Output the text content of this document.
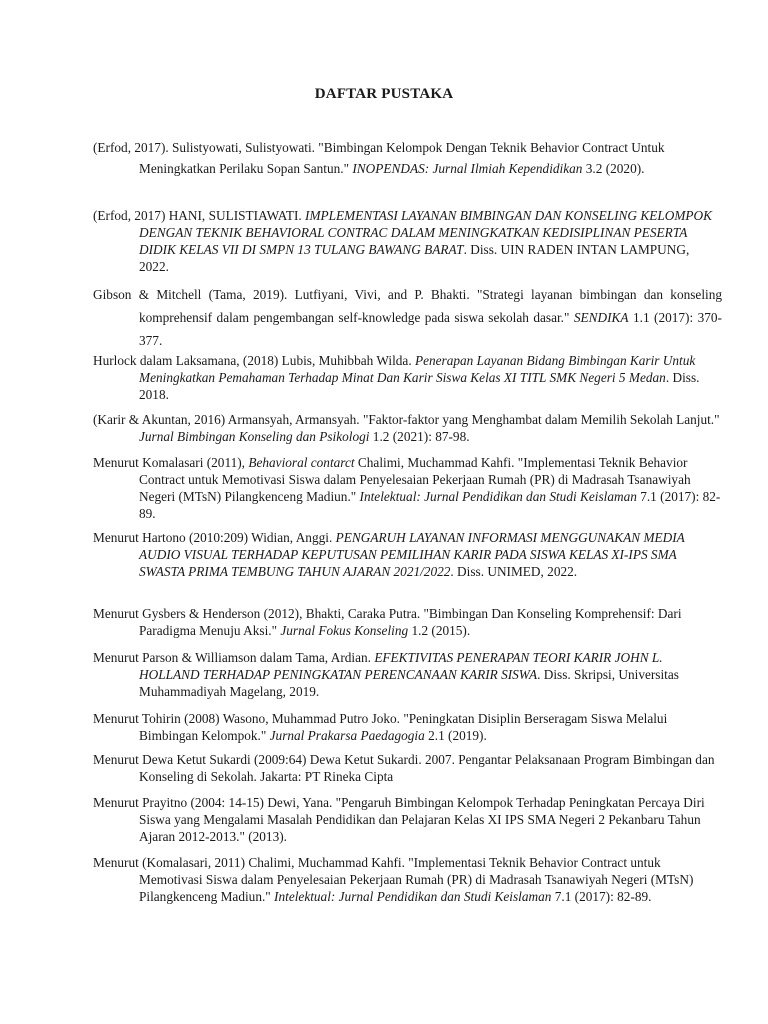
DAFTAR PUSTAKA

(Erfod, 2017). Sulistyowati, Sulistyowati. "Bimbingan Kelompok Dengan Teknik Behavior Contract Untuk Meningkatkan Perilaku Sopan Santun." INOPENDAS: Jurnal Ilmiah Kependidikan 3.2 (2020).

(Erfod, 2017) HANI, SULISTIAWATI. IMPLEMENTASI LAYANAN BIMBINGAN DAN KONSELING KELOMPOK DENGAN TEKNIK BEHAVIORAL CONTRAC DALAM MENINGKATKAN KEDISIPLINAN PESERTA DIDIK KELAS VII DI SMPN 13 TULANG BAWANG BARAT. Diss. UIN RADEN INTAN LAMPUNG, 2022.

Gibson & Mitchell (Tama, 2019). Lutfiyani, Vivi, and P. Bhakti. "Strategi layanan bimbingan dan konseling komprehensif dalam pengembangan self-knowledge pada siswa sekolah dasar." SENDIKA 1.1 (2017): 370-377.

Hurlock dalam Laksamana, (2018) Lubis, Muhibbah Wilda. Penerapan Layanan Bidang Bimbingan Karir Untuk Meningkatkan Pemahaman Terhadap Minat Dan Karir Siswa Kelas XI TITL SMK Negeri 5 Medan. Diss. 2018.

(Karir & Akuntan, 2016) Armansyah, Armansyah. "Faktor-faktor yang Menghambat dalam Memilih Sekolah Lanjut." Jurnal Bimbingan Konseling dan Psikologi 1.2 (2021): 87-98.

Menurut Komalasari (2011), Behavioral contarct Chalimi, Muchammad Kahfi. "Implementasi Teknik Behavior Contract untuk Memotivasi Siswa dalam Penyelesaian Pekerjaan Rumah (PR) di Madrasah Tsanawiyah Negeri (MTsN) Pilangkenceng Madiun." Intelektual: Jurnal Pendidikan dan Studi Keislaman 7.1 (2017): 82-89.

Menurut Hartono (2010:209) Widian, Anggi. PENGARUH LAYANAN INFORMASI MENGGUNAKAN MEDIA AUDIO VISUAL TERHADAP KEPUTUSAN PEMILIHAN KARIR PADA SISWA KELAS XI-IPS SMA SWASTA PRIMA TEMBUNG TAHUN AJARAN 2021/2022. Diss. UNIMED, 2022.

Menurut Gysbers & Henderson (2012), Bhakti, Caraka Putra. "Bimbingan Dan Konseling Komprehensif: Dari Paradigma Menuju Aksi." Jurnal Fokus Konseling 1.2 (2015).

Menurut Parson & Williamson dalam Tama, Ardian. EFEKTIVITAS PENERAPAN TEORI KARIR JOHN L. HOLLAND TERHADAP PENINGKATAN PERENCANAAN KARIR SISWA. Diss. Skripsi, Universitas Muhammadiyah Magelang, 2019.

Menurut Tohirin (2008) Wasono, Muhammad Putro Joko. "Peningkatan Disiplin Berseragam Siswa Melalui Bimbingan Kelompok." Jurnal Prakarsa Paedagogia 2.1 (2019).

Menurut Dewa Ketut Sukardi (2009:64) Dewa Ketut Sukardi. 2007. Pengantar Pelaksanaan Program Bimbingan dan Konseling di Sekolah. Jakarta: PT Rineka Cipta

Menurut Prayitno (2004: 14-15) Dewi, Yana. "Pengaruh Bimbingan Kelompok Terhadap Peningkatan Percaya Diri Siswa yang Mengalami Masalah Pendidikan dan Pelajaran Kelas XI IPS SMA Negeri 2 Pekanbaru Tahun Ajaran 2012-2013." (2013).

Menurut (Komalasari, 2011) Chalimi, Muchammad Kahfi. "Implementasi Teknik Behavior Contract untuk Memotivasi Siswa dalam Penyelesaian Pekerjaan Rumah (PR) di Madrasah Tsanawiyah Negeri (MTsN) Pilangkenceng Madiun." Intelektual: Jurnal Pendidikan dan Studi Keislaman 7.1 (2017): 82-89.
